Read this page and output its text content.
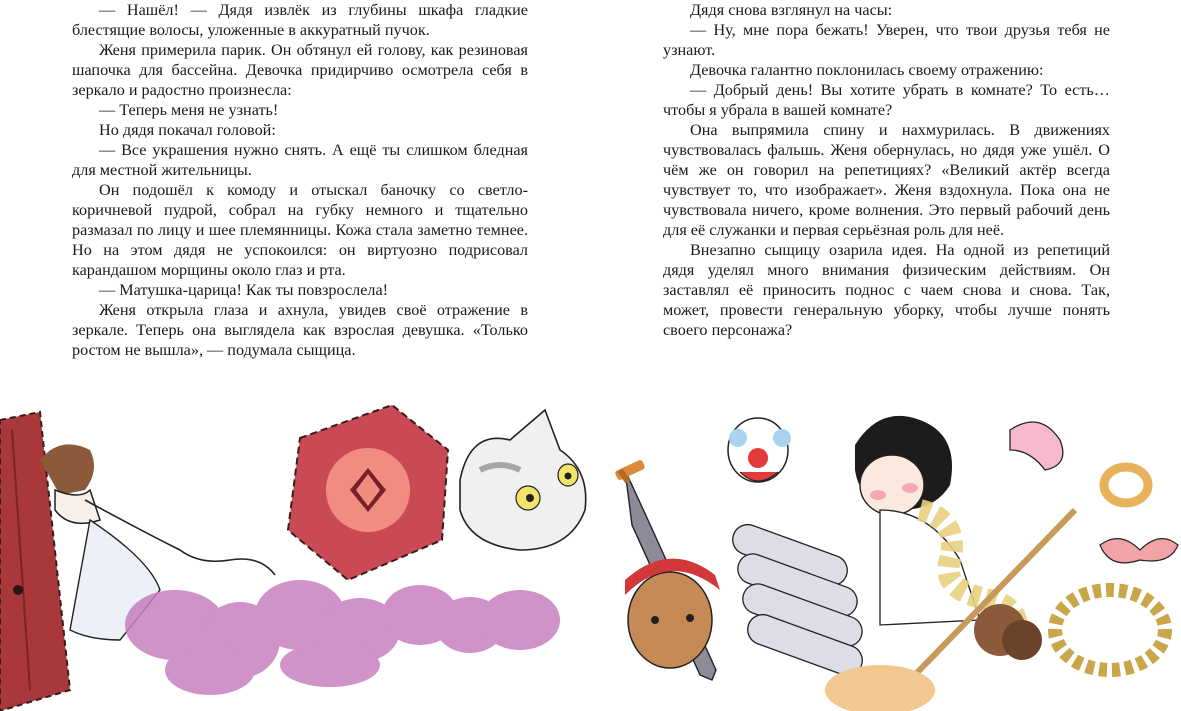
— Нашёл! — Дядя извлёк из глубины шкафа гладкие блестящие волосы, уложенные в аккуратный пучок.

Женя примерила парик. Он обтянул ей голову, как резиновая шапочка для бассейна. Девочка придирчиво осмотрела себя в зеркало и радостно произнесла:

— Теперь меня не узнать!

Но дядя покачал головой:

— Все украшения нужно снять. А ещё ты слишком бледная для местной жительницы.

Он подошёл к комоду и отыскал баночку со светло-коричневой пудрой, собрал на губку немного и тщательно размазал по лицу и шее племянницы. Кожа стала заметно темнее. Но на этом дядя не успокоился: он виртуозно подрисовал карандашом морщины около глаз и рта.

— Матушка-царица! Как ты повзрослела!

Женя открыла глаза и ахнула, увидев своё отражение в зеркале. Теперь она выглядела как взрослая девушка. «Только ростом не вышла», — подумала сыщица.

Дядя снова взглянул на часы:

— Ну, мне пора бежать! Уверен, что твои друзья тебя не узнают.

Девочка галантно поклонилась своему отражению:

— Добрый день! Вы хотите убрать в комнате? То есть… чтобы я убрала в вашей комнате?

Она выпрямила спину и нахмурилась. В движениях чувствовалась фальшь. Женя обернулась, но дядя уже ушёл. О чём же он говорил на репетициях? «Великий актёр всегда чувствует то, что изображает». Женя вздохнула. Пока она не чувствовала ничего, кроме волнения. Это первый рабочий день для её служанки и первая серьёзная роль для неё.

Внезапно сыщицу озарила идея. На одной из репетиций дядя уделял много внимания физическим действиям. Он заставлял её приносить поднос с чаем снова и снова. Так, может, провести генеральную уборку, чтобы лучше понять своего персонажа?
